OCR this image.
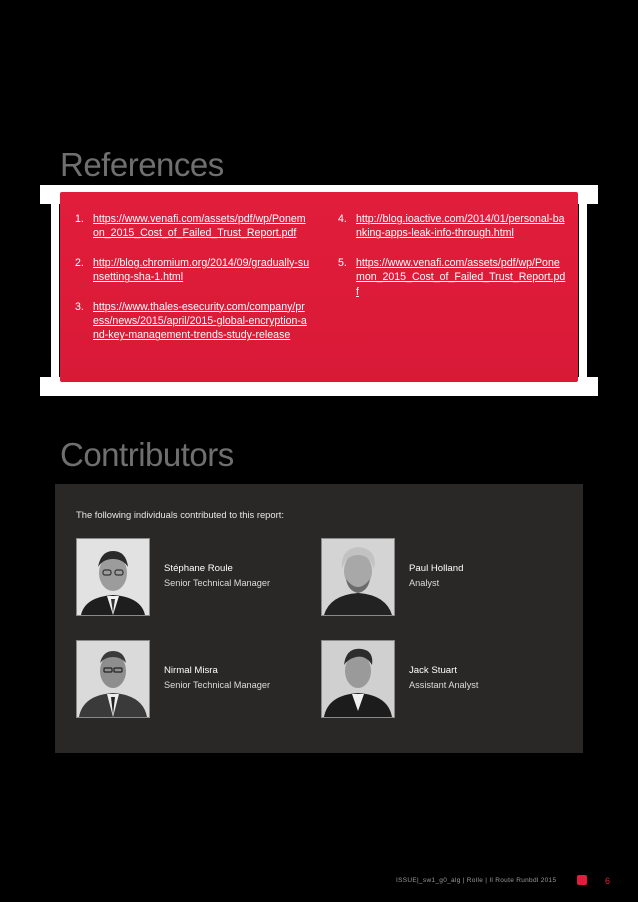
References
1. https://www.venafi.com/assets/pdf/wp/Ponemon_2015_Cost_of_Failed_Trust_Report.pdf
2. http://blog.chromium.org/2014/09/gradually-sunsetting-sha-1.html
3. https://www.thales-esecurity.com/company/press/news/2015/april/2015-global-encryption-and-key-management-trends-study-release
4. http://blog.ioactive.com/2014/01/personal-banking-apps-leak-info-through.html
5. https://www.venafi.com/assets/pdf/wp/Ponemon_2015_Cost_of_Failed_Trust_Report.pdf
Contributors

The following individuals contributed to this report:

Stéphane Roule
Senior Technical Manager
Paul Holland
Analyst
Nirmal Misra
Senior Technical Manager
Jack Stuart
Assistant Analyst
ISSUE|_sw1_g0_alg | Rolle | Il Route Runbdl 2015	6
